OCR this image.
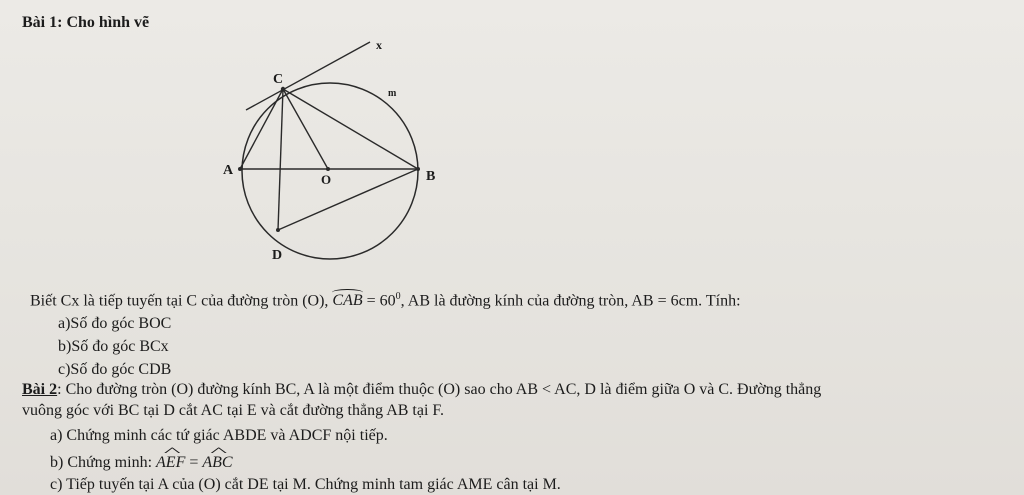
Bài 1: Cho hình vẽ
x
C
m
A
O	B
D
Biết Cx là tiếp tuyến tại C của đường tròn (O), CAB = $60^0$, AB là đường kính của đường tròn, AB = 6cm. Tính:
a)Số đo góc BOC
b)Số đo góc BCx
c)Số đo góc CDB
Bài 2: Cho đường tròn (O) đường kính BC, A là một điểm thuộc (O) sao cho AB < AC, D là điểm giữa O và C. Đường thẳng
vuông góc với BC tại D cắt AC tại E và cắt đường thẳng AB tại F.
a) Chứng minh các tứ giác ABDE và ADCF nội tiếp.
b) Chứng minh:
^
AEF =
^
ABC
c) Tiếp tuyến tại A của (O) cắt DE tại M. Chứng minh tam giác AME cân tại M.
